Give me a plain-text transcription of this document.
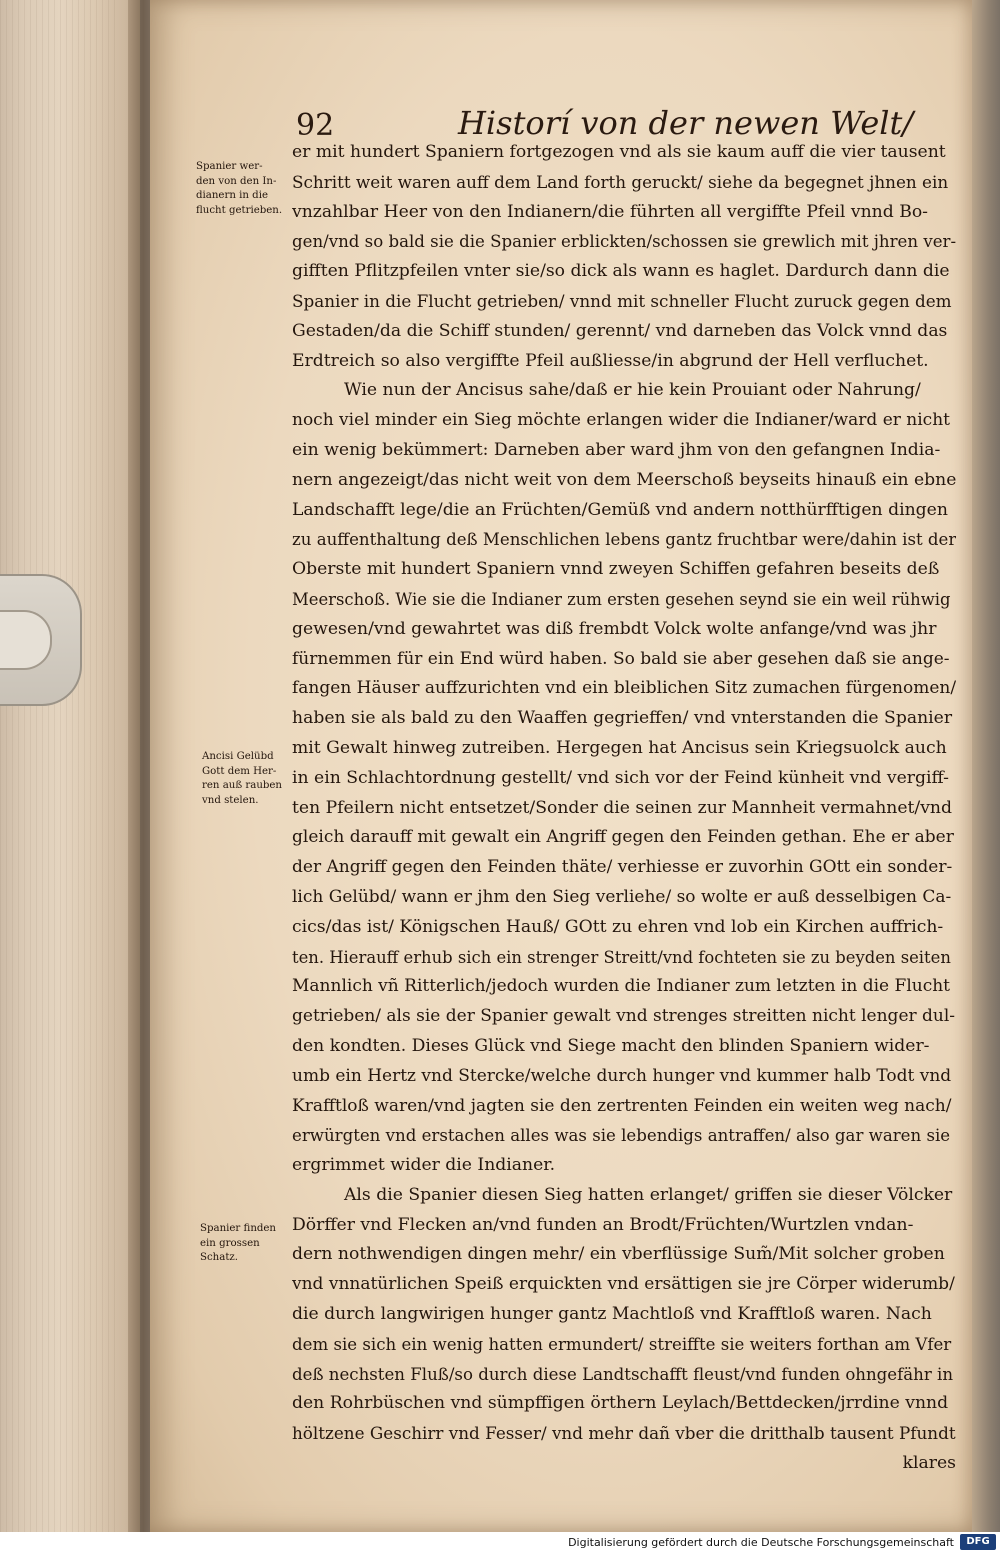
92	Historí von der newen Welt/
Spanier wer-
den von den In-
dianern in die
flucht getrieben.
Ancisi Gelübd
Gott dem Her-
ren auß rauben
vnd stelen.
Spanier finden
ein grossen
Schatz.
er mit hundert Spaniern fortgezogen vnd als sie kaum auff die vier tausent
Schritt weit waren auff dem Land forth geruckt/ siehe da begegnet jhnen ein
vnzahlbar Heer von den Indianern/die führten all vergiffte Pfeil vnnd Bo-
gen/vnd so bald sie die Spanier erblickten/schossen sie grewlich mit jhren ver-
gifften Pflitzpfeilen vnter sie/so dick als wann es haglet. Dardurch dann die
Spanier in die Flucht getrieben/ vnnd mit schneller Flucht zuruck gegen dem
Gestaden/da die Schiff stunden/ gerennt/ vnd darneben das Volck vnnd das
Erdtreich so also vergiffte Pfeil außliesse/in abgrund der Hell verfluchet.
Wie nun der Ancisus sahe/daß er hie kein Prouiant oder Nahrung/
noch viel minder ein Sieg möchte erlangen wider die Indianer/ward er nicht
ein wenig bekümmert: Darneben aber ward jhm von den gefangnen India-
nern angezeigt/das nicht weit von dem Meerschoß beyseits hinauß ein ebne
Landschafft lege/die an Früchten/Gemüß vnd andern notthürfftigen dingen
zu auffenthaltung deß Menschlichen lebens gantz fruchtbar were/dahin ist der
Oberste mit hundert Spaniern vnnd zweyen Schiffen gefahren beseits deß
Meerschoß. Wie sie die Indianer zum ersten gesehen seynd sie ein weil rühwig
gewesen/vnd gewahrtet was diß frembdt Volck wolte anfange/vnd was jhr
fürnemmen für ein End würd haben. So bald sie aber gesehen daß sie ange-
fangen Häuser auffzurichten vnd ein bleiblichen Sitz zumachen fürgenomen/
haben sie als bald zu den Waaffen gegrieffen/ vnd vnterstanden die Spanier
mit Gewalt hinweg zutreiben. Hergegen hat Ancisus sein Kriegsuolck auch
in ein Schlachtordnung gestellt/ vnd sich vor der Feind künheit vnd vergiff-
ten Pfeilern nicht entsetzet/Sonder die seinen zur Mannheit vermahnet/vnd
gleich darauff mit gewalt ein Angriff gegen den Feinden gethan. Ehe er aber
der Angriff gegen den Feinden thäte/ verhiesse er zuvorhin GOtt ein sonder-
lich Gelübd/ wann er jhm den Sieg verliehe/ so wolte er auß desselbigen Ca-
cics/das ist/ Königschen Hauß/ GOtt zu ehren vnd lob ein Kirchen auffrich-
ten. Hierauff erhub sich ein strenger Streitt/vnd fochteten sie zu beyden seiten
Mannlich vñ Ritterlich/jedoch wurden die Indianer zum letzten in die Flucht
getrieben/ als sie der Spanier gewalt vnd strenges streitten nicht lenger dul-
den kondten. Dieses Glück vnd Siege macht den blinden Spaniern wider-
umb ein Hertz vnd Stercke/welche durch hunger vnd kummer halb Todt vnd
Krafftloß waren/vnd jagten sie den zertrenten Feinden ein weiten weg nach/
erwürgten vnd erstachen alles was sie lebendigs antraffen/ also gar waren sie
ergrimmet wider die Indianer.
Als die Spanier diesen Sieg hatten erlanget/ griffen sie dieser Völcker
Dörffer vnd Flecken an/vnd funden an Brodt/Früchten/Wurtzlen vndan-
dern nothwendigen dingen mehr/ ein vberflüssige Sum̃/Mit solcher groben
vnd vnnatürlichen Speiß erquickten vnd ersättigen sie jre Cörper widerumb/
die durch langwirigen hunger gantz Machtloß vnd Krafftloß waren. Nach
dem sie sich ein wenig hatten ermundert/ streiffte sie weiters forthan am Vfer
deß nechsten Fluß/so durch diese Landtschafft fleust/vnd funden ohngefähr in
den Rohrbüschen vnd sümpffigen örthern Leylach/Bettdecken/jrrdine vnnd
höltzene Geschirr vnd Fesser/ vnd mehr dañ vber die dritthalb tausent Pfundt
klares
Digitalisierung gefördert durch die Deutsche Forschungsgemeinschaft	DFG
